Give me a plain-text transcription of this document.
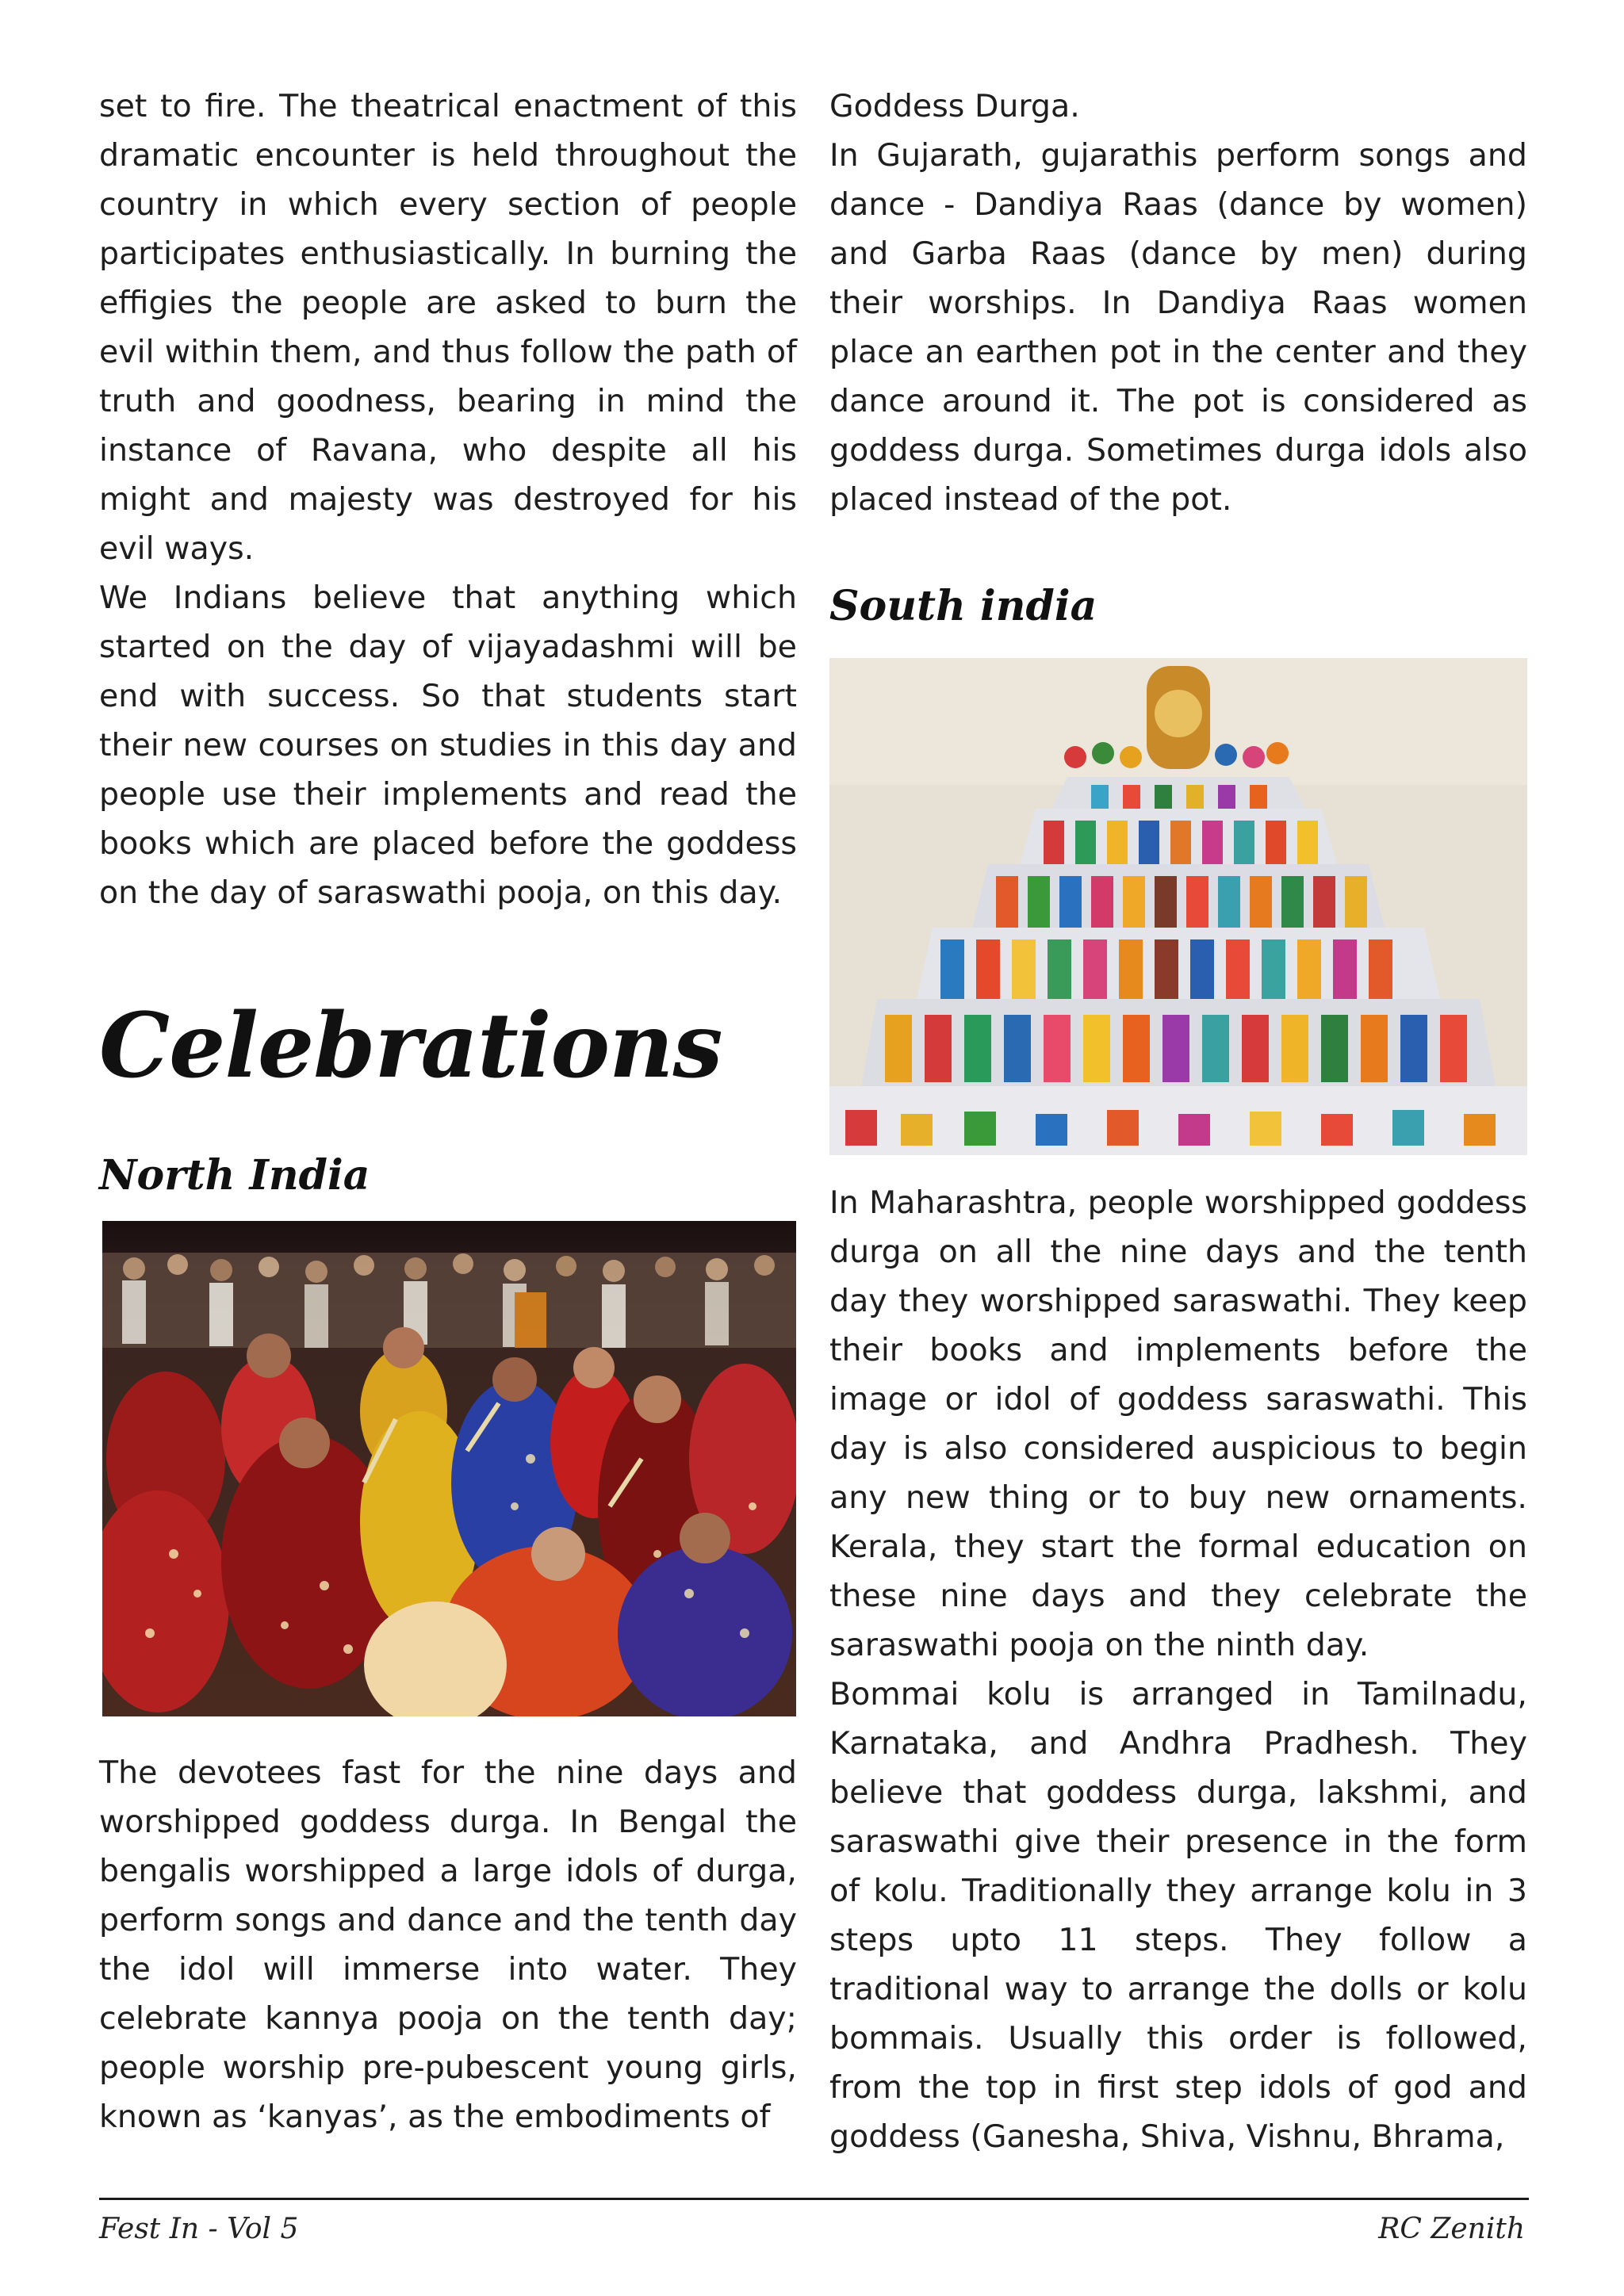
set to fire. The theatrical enactment of this dramatic encounter is held throughout the country in which every section of people participates enthusiastically. In burning the effigies the people are asked to burn the evil within them, and thus follow the path of truth and goodness, bearing in mind the instance of Ravana, who despite all his might and majesty was destroyed for his evil ways.

We Indians believe that anything which started on the day of vijayadashmi will be end with success. So that students start their new courses on studies in this day and people use their implements and read the books which are placed before the goddess on the day of saraswathi pooja, on this day.

Celebrations
North India

Goddess Durga.

In Gujarath, gujarathis perform songs and dance - Dandiya Raas (dance by women) and Garba Raas (dance by men) during their worships. In Dandiya Raas women place an earthen pot in the center and they dance around it. The pot is considered as goddess durga. Sometimes durga idols also placed instead of the pot.

South india

In Maharashtra, people worshipped goddess durga on all the nine days and the tenth day they worshipped saraswathi. They keep their books and implements before the image or idol of goddess saraswathi. This day is also considered auspicious to begin any new thing or to buy new ornaments. Kerala, they start the formal education on these nine days and they celebrate the saraswathi pooja on the ninth day.

Bommai kolu is arranged in Tamilnadu, Karnataka, and Andhra Pradhesh. They believe that goddess durga, lakshmi, and saraswathi give their presence in the form of kolu. Traditionally they arrange kolu in 3 steps upto 11 steps. They follow a traditional way to arrange the dolls or kolu bommais. Usually this order is followed, from the top in first step idols of god and goddess (Ganesha, Shiva, Vishnu, Bhrama,

The devotees fast for the nine days and worshipped goddess durga. In Bengal the bengalis worshipped a large idols of durga, perform songs and dance and the tenth day the idol will immerse into water. They celebrate kannya pooja on the tenth day; people worship pre-pubescent young girls, known as ‘kanyas’, as the embodiments of

Fest In - Vol 5	RC Zenith
